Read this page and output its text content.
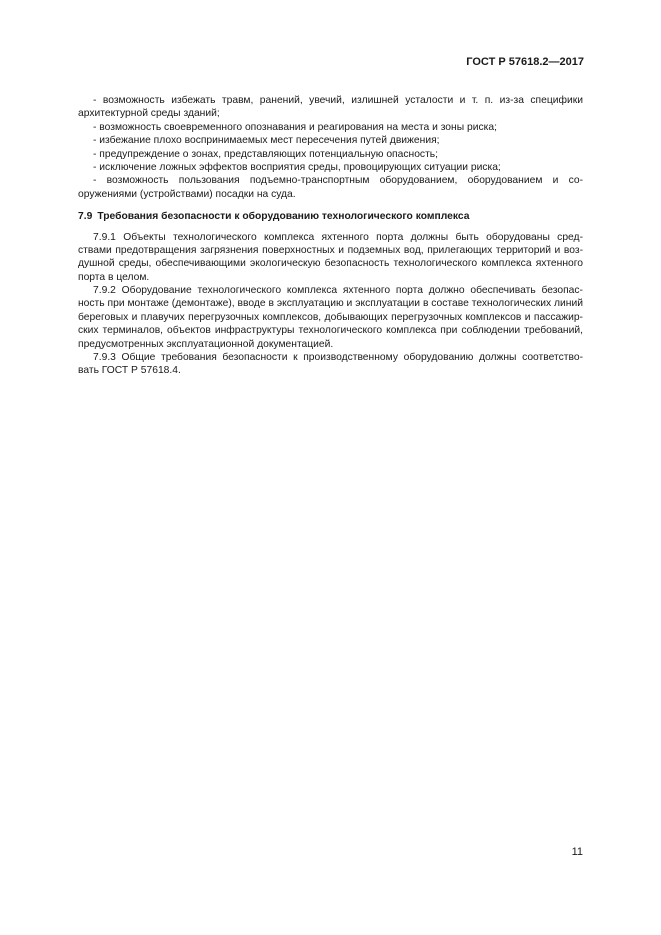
ГОСТ Р 57618.2—2017
- возможность избежать травм, ранений, увечий, излишней усталости и т. п. из-за специфики
архитектурной среды зданий;
- возможность своевременного опознавания и реагирования на места и зоны риска;
- избежание плохо воспринимаемых мест пересечения путей движения;
- предупреждение о зонах, представляющих потенциальную опасность;
- исключение ложных эффектов восприятия среды, провоцирующих ситуации риска;
- возможность пользования подъемно-транспортным оборудованием, оборудованием и со-
оружениями (устройствами) посадки на суда.
7.9 Требования безопасности к оборудованию технологического комплекса
7.9.1 Объекты технологического комплекса яхтенного порта должны быть оборудованы сред-
ствами предотвращения загрязнения поверхностных и подземных вод, прилегающих территорий и воз-
душной среды, обеспечивающими экологическую безопасность технологического комплекса яхтенного
порта в целом.
7.9.2 Оборудование технологического комплекса яхтенного порта должно обеспечивать безопас-
ность при монтаже (демонтаже), вводе в эксплуатацию и эксплуатации в составе технологических линий
береговых и плавучих перегрузочных комплексов, добывающих перегрузочных комплексов и пассажир-
ских терминалов, объектов инфраструктуры технологического комплекса при соблюдении требований,
предусмотренных эксплуатационной документацией.
7.9.3 Общие требования безопасности к производственному оборудованию должны соответство-
вать ГОСТ Р 57618.4.
11
